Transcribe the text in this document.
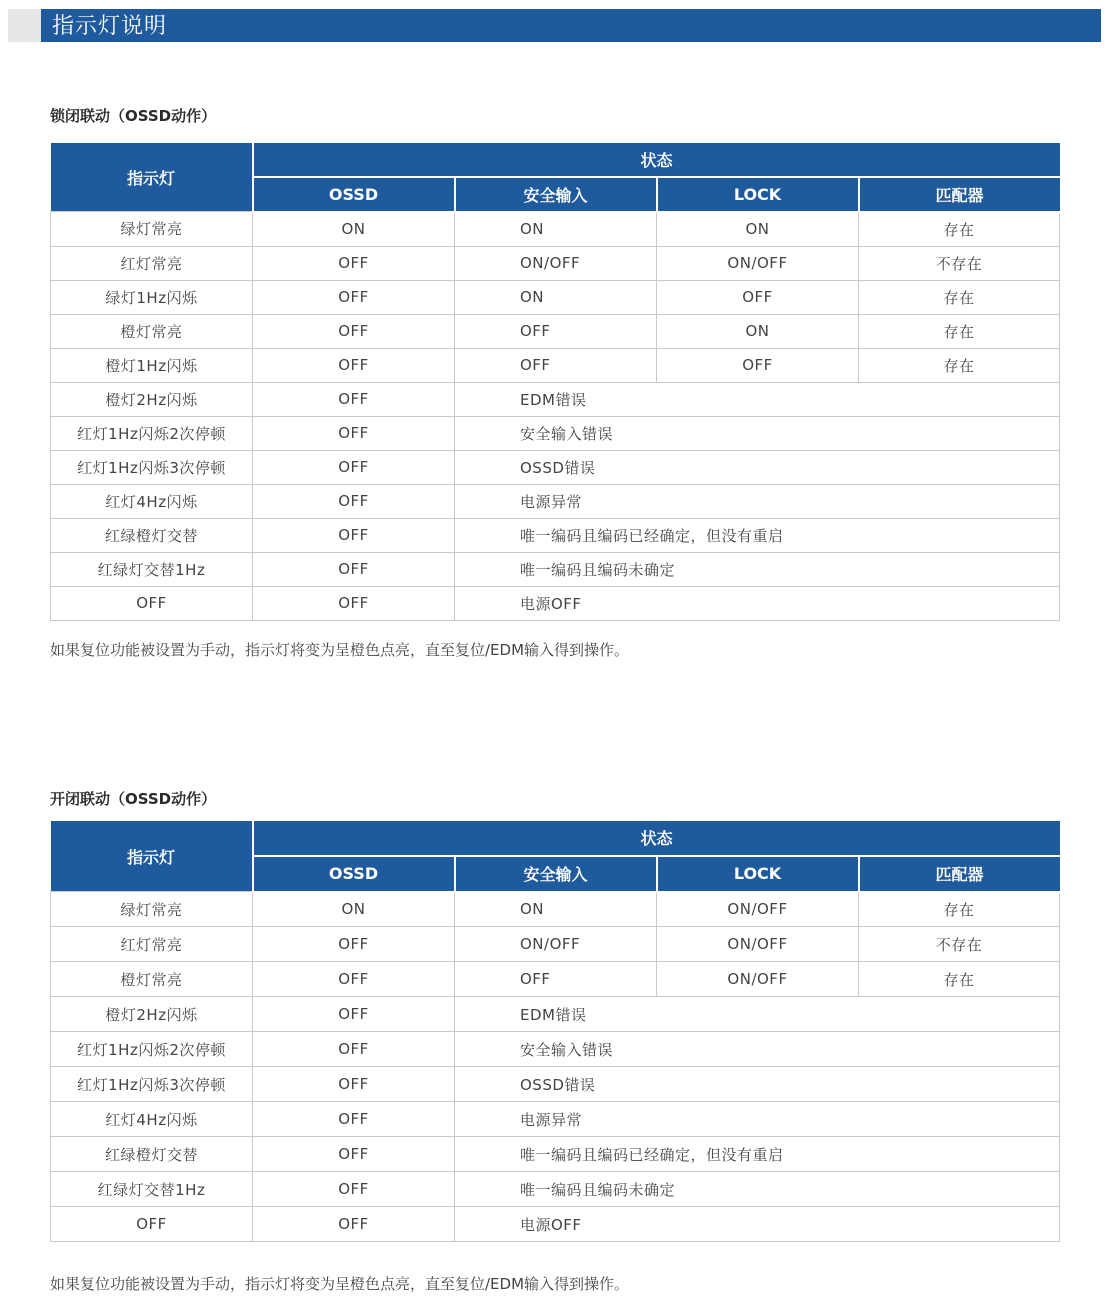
指示灯说明
锁闭联动（OSSD动作）
指示灯	状态			
	OSSD	安全输入	LOCK	匹配器
绿灯常亮	ON	ON	ON	存在
红灯常亮	OFF	ON/OFF	ON/OFF	不存在
绿灯1Hz闪烁	OFF	ON	OFF	存在
橙灯常亮	OFF	OFF	ON	存在
橙灯1Hz闪烁	OFF	OFF	OFF	存在
橙灯2Hz闪烁	OFF	EDM错误		
红灯1Hz闪烁2次停顿	OFF	安全输入错误		
红灯1Hz闪烁3次停顿	OFF	OSSD错误		
红灯4Hz闪烁	OFF	电源异常		
红绿橙灯交替	OFF	唯一编码且编码已经确定，但没有重启		
红绿灯交替1Hz	OFF	唯一编码且编码未确定		
OFF	OFF	电源OFF		
如果复位功能被设置为手动，指示灯将变为呈橙色点亮，直至复位/EDM输入得到操作。
开闭联动（OSSD动作）
指示灯	状态			
	OSSD	安全输入	LOCK	匹配器
绿灯常亮	ON	ON	ON/OFF	存在
红灯常亮	OFF	ON/OFF	ON/OFF	不存在
橙灯常亮	OFF	OFF	ON/OFF	存在
橙灯2Hz闪烁	OFF	EDM错误		
红灯1Hz闪烁2次停顿	OFF	安全输入错误		
红灯1Hz闪烁3次停顿	OFF	OSSD错误		
红灯4Hz闪烁	OFF	电源异常		
红绿橙灯交替	OFF	唯一编码且编码已经确定，但没有重启		
红绿灯交替1Hz	OFF	唯一编码且编码未确定		
OFF	OFF	电源OFF		
如果复位功能被设置为手动，指示灯将变为呈橙色点亮，直至复位/EDM输入得到操作。
